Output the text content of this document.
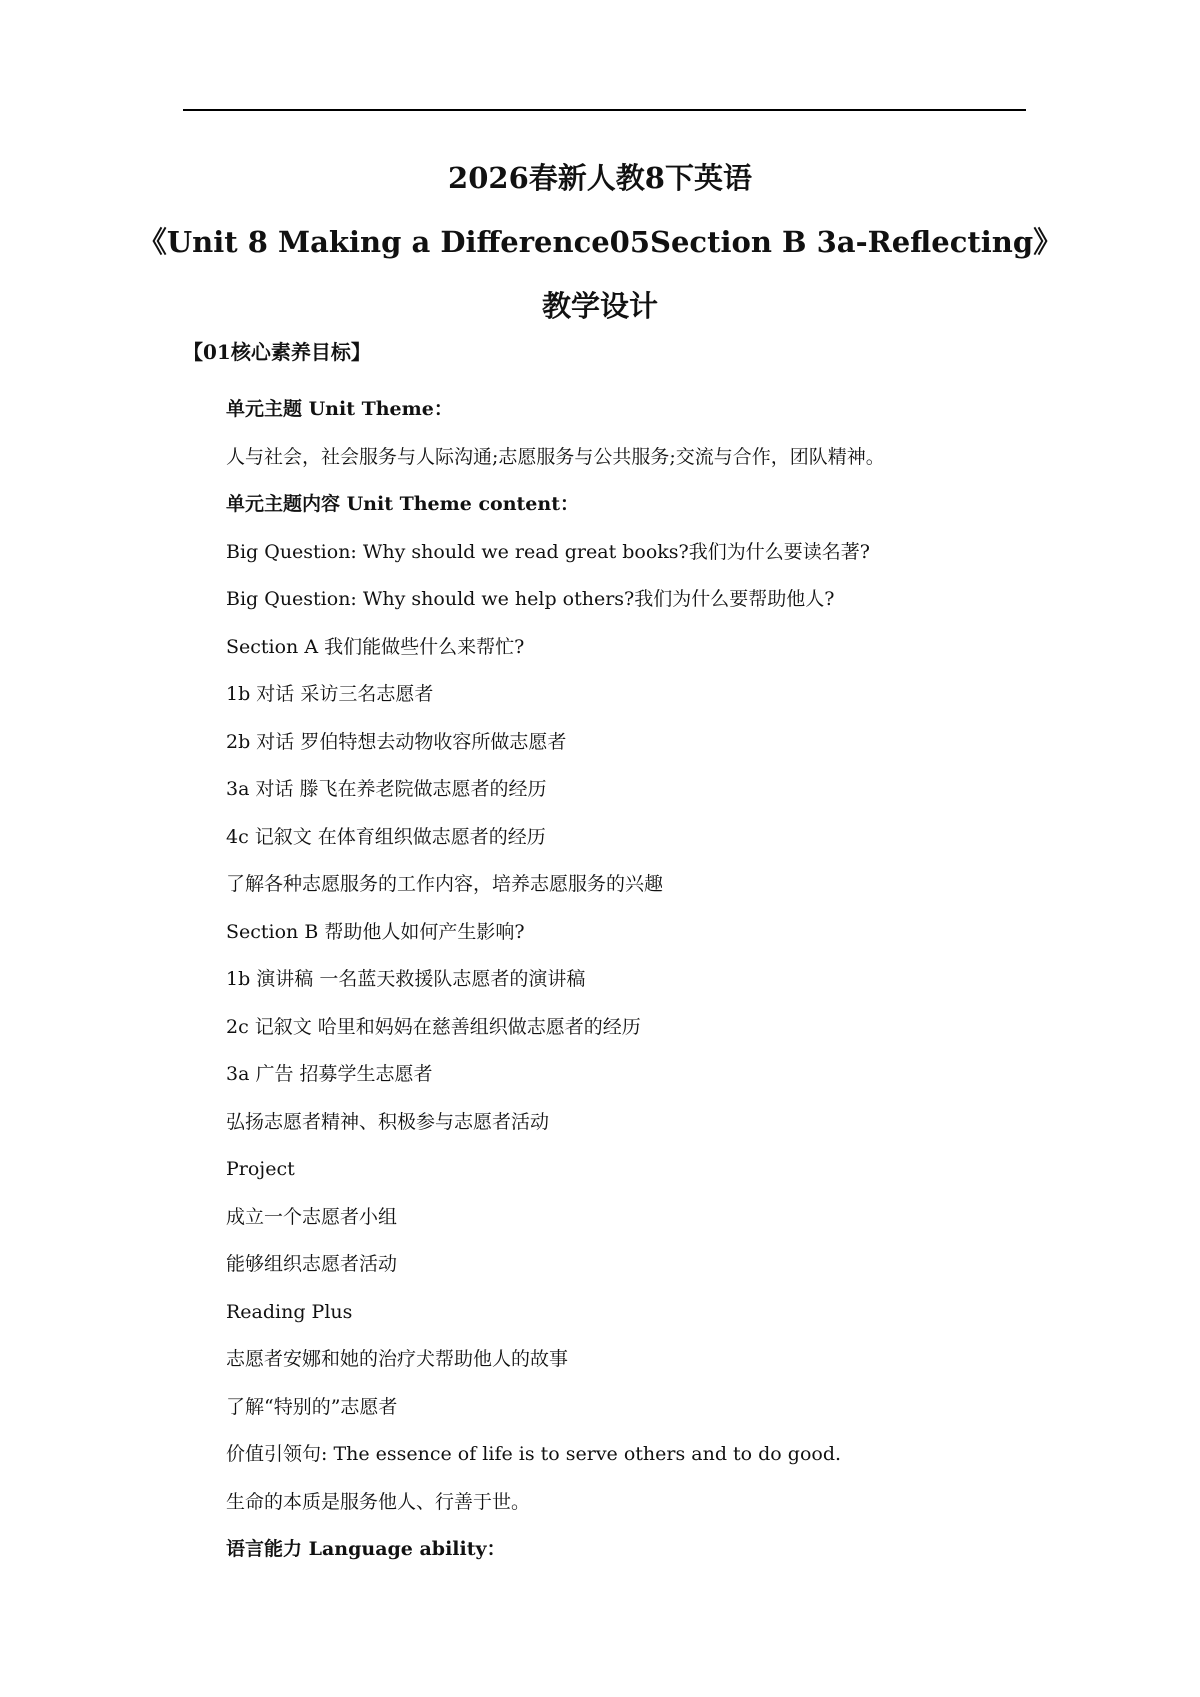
2026春新人教8下英语
《Unit 8 Making a Difference05Section B 3a-Reflecting》
教学设计
【01核心素养目标】
单元主题 Unit Theme：
人与社会，社会服务与人际沟通;志愿服务与公共服务;交流与合作，团队精神。
单元主题内容 Unit Theme content：
Big Question: Why should we read great books?我们为什么要读名著?
Big Question: Why should we help others?我们为什么要帮助他人?
Section A 我们能做些什么来帮忙?
1b 对话 采访三名志愿者
2b 对话 罗伯特想去动物收容所做志愿者
3a 对话 滕飞在养老院做志愿者的经历
4c 记叙文 在体育组织做志愿者的经历
了解各种志愿服务的工作内容，培养志愿服务的兴趣
Section B 帮助他人如何产生影响?
1b 演讲稿 一名蓝天救援队志愿者的演讲稿
2c 记叙文 哈里和妈妈在慈善组织做志愿者的经历
3a 广告 招募学生志愿者
弘扬志愿者精神、积极参与志愿者活动
Project
成立一个志愿者小组
能够组织志愿者活动
Reading Plus
志愿者安娜和她的治疗犬帮助他人的故事
了解“特别的”志愿者
价值引领句: The essence of life is to serve others and to do good.
生命的本质是服务他人、行善于世。
语言能力 Language ability：
